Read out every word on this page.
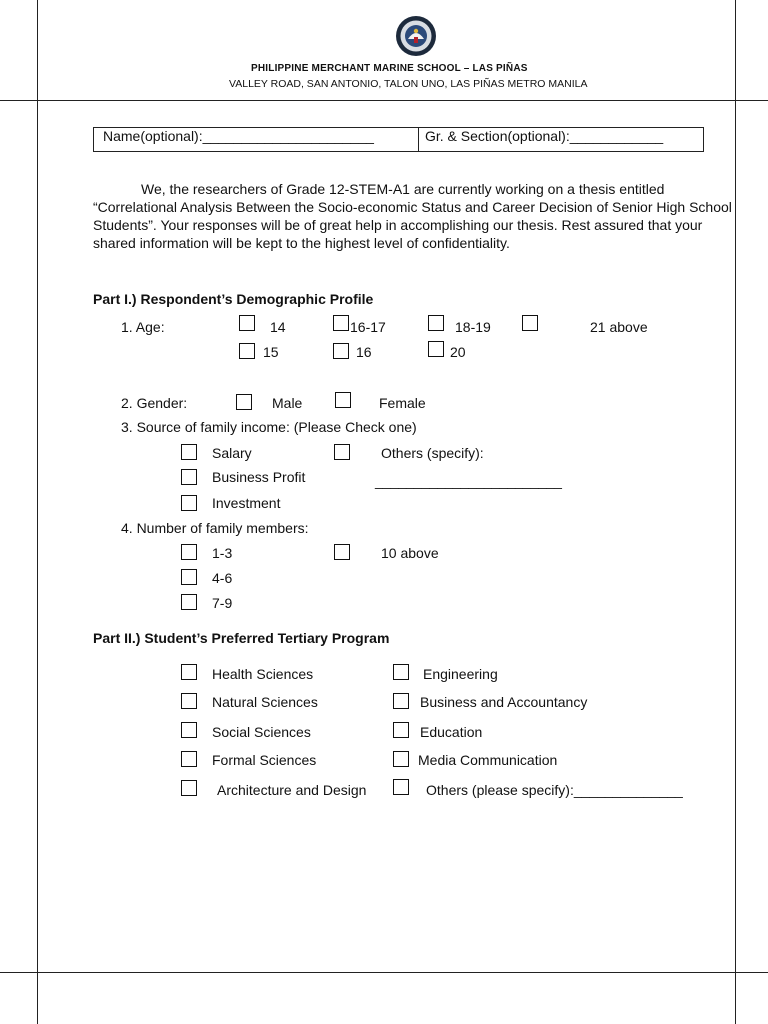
PHILIPPINE MERCHANT MARINE SCHOOL – LAS PIÑAS
VALLEY ROAD, SAN ANTONIO, TALON UNO, LAS PIÑAS METRO MANILA
Name(optional):______________________	Gr. & Section(optional):____________
We, the researchers of Grade 12-STEM-A1 are currently working on a thesis entitled “Correlational Analysis Between the Socio-economic Status and Career Decision of Senior High School Students”. Your responses will be of great help in accomplishing our thesis. Rest assured that your shared information will be kept to the highest level of confidentiality.
Part I.) Respondent’s Demographic Profile
1. Age:	14	16-17	18-19	21 above
15	16	20
2. Gender:	Male	Female
3. Source of family income: (Please Check one)
Salary	Others (specify):
Business Profit	________________________
Investment
4. Number of family members:
1-3	10 above
4-6
7-9
Part II.) Student’s Preferred Tertiary Program
Health Sciences	Engineering
Natural Sciences	Business and Accountancy
Social Sciences	Education
Formal Sciences	Media Communication
Architecture and Design	Others (please specify):______________
